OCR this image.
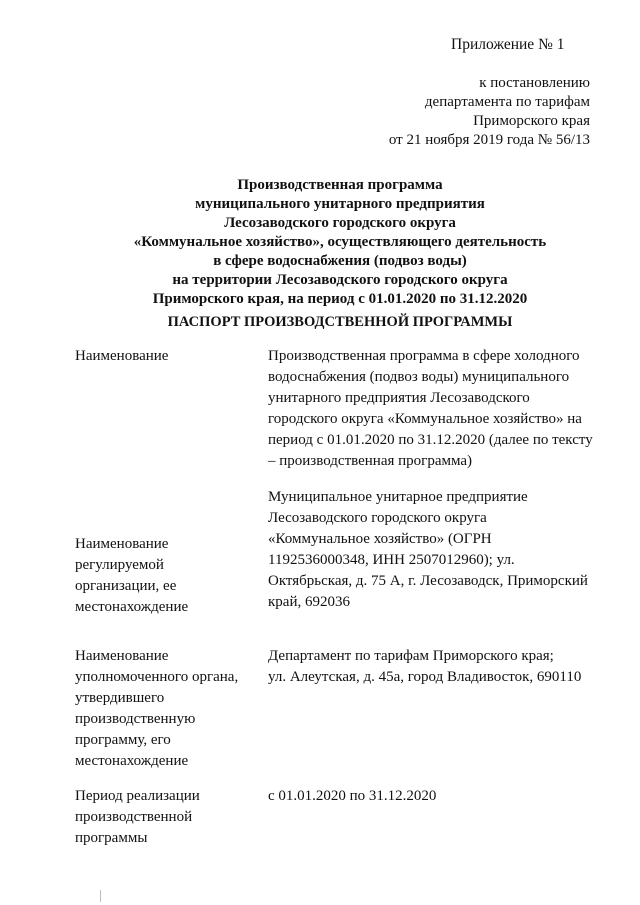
Приложение № 1
к постановлению
департамента по тарифам
Приморского края
от 21 ноября 2019 года № 56/13
Производственная программа
муниципального унитарного предприятия
Лесозаводского городского округа
«Коммунальное хозяйство», осуществляющего деятельность
в сфере водоснабжения (подвоз воды)
на территории Лесозаводского городского округа
Приморского края, на период с 01.01.2020 по 31.12.2020
ПАСПОРТ ПРОИЗВОДСТВЕННОЙ ПРОГРАММЫ
Наименование	Производственная программа в сфере холодного
водоснабжения (подвоз воды) муниципального
унитарного предприятия Лесозаводского
городского округа «Коммунальное хозяйство» на
период с 01.01.2020 по 31.12.2020 (далее по тексту
– производственная программа)
Наименование
регулируемой
организации, ее
местонахождение
Муниципальное унитарное предприятие
Лесозаводского городского округа
«Коммунальное хозяйство» (ОГРН
1192536000348, ИНН 2507012960); ул.
Октябрьская, д. 75 А, г. Лесозаводск, Приморский
край, 692036
Наименование
уполномоченного органа,
утвердившего
производственную
программу, его
местонахождение
Департамент по тарифам Приморского края;
ул. Алеутская, д. 45а, город Владивосток, 690110
Период реализации
производственной
программы
с 01.01.2020 по 31.12.2020
